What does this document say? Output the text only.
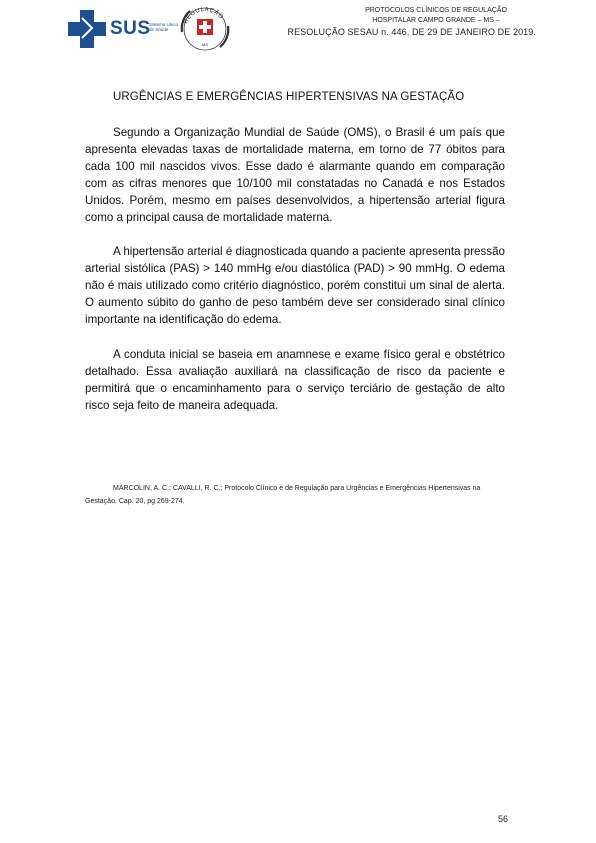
SUS
Sistema Único de Saúde
REGULAÇÃO
MS
PROTOCOLOS CLÍNICOS DE REGULAÇÃO
HOSPITALAR CAMPO GRANDE – MS –
RESOLUÇÃO SESAU n. 446, DE 29 DE JANEIRO DE 2019.
URGÊNCIAS E EMERGÊNCIAS HIPERTENSIVAS NA GESTAÇÃO

Segundo a Organização Mundial de Saúde (OMS), o Brasil é um país que apresenta elevadas taxas de mortalidade materna, em torno de 77 óbitos para cada 100 mil nascidos vivos. Esse dado é alarmante quando em comparação com as cifras menores que 10/100 mil constatadas no Canadá e nos Estados Unidos. Porém, mesmo em países desenvolvidos, a hipertensão arterial figura como a principal causa de mortalidade materna.

A hipertensão arterial é diagnosticada quando a paciente apresenta pressão arterial sistólica (PAS) > 140 mmHg e/ou diastólica (PAD) > 90 mmHg. O edema não é mais utilizado como critério diagnóstico, porém constitui um sinal de alerta. O aumento súbito do ganho de peso também deve ser considerado sinal clínico importante na identificação do edema.

A conduta inicial se baseia em anamnese e exame físico geral e obstétrico detalhado. Essa avaliação auxiliará na classificação de risco da paciente e permitirá que o encaminhamento para o serviço terciário de gestação de alto risco seja feito de maneira adequada.

MARCOLIN, A. C.; CAVALLI, R. C.; Protocolo Clínico e de Regulação para Urgências e Emergências Hipertensivas na Gestação. Cap. 20, pg 269-274.

56
